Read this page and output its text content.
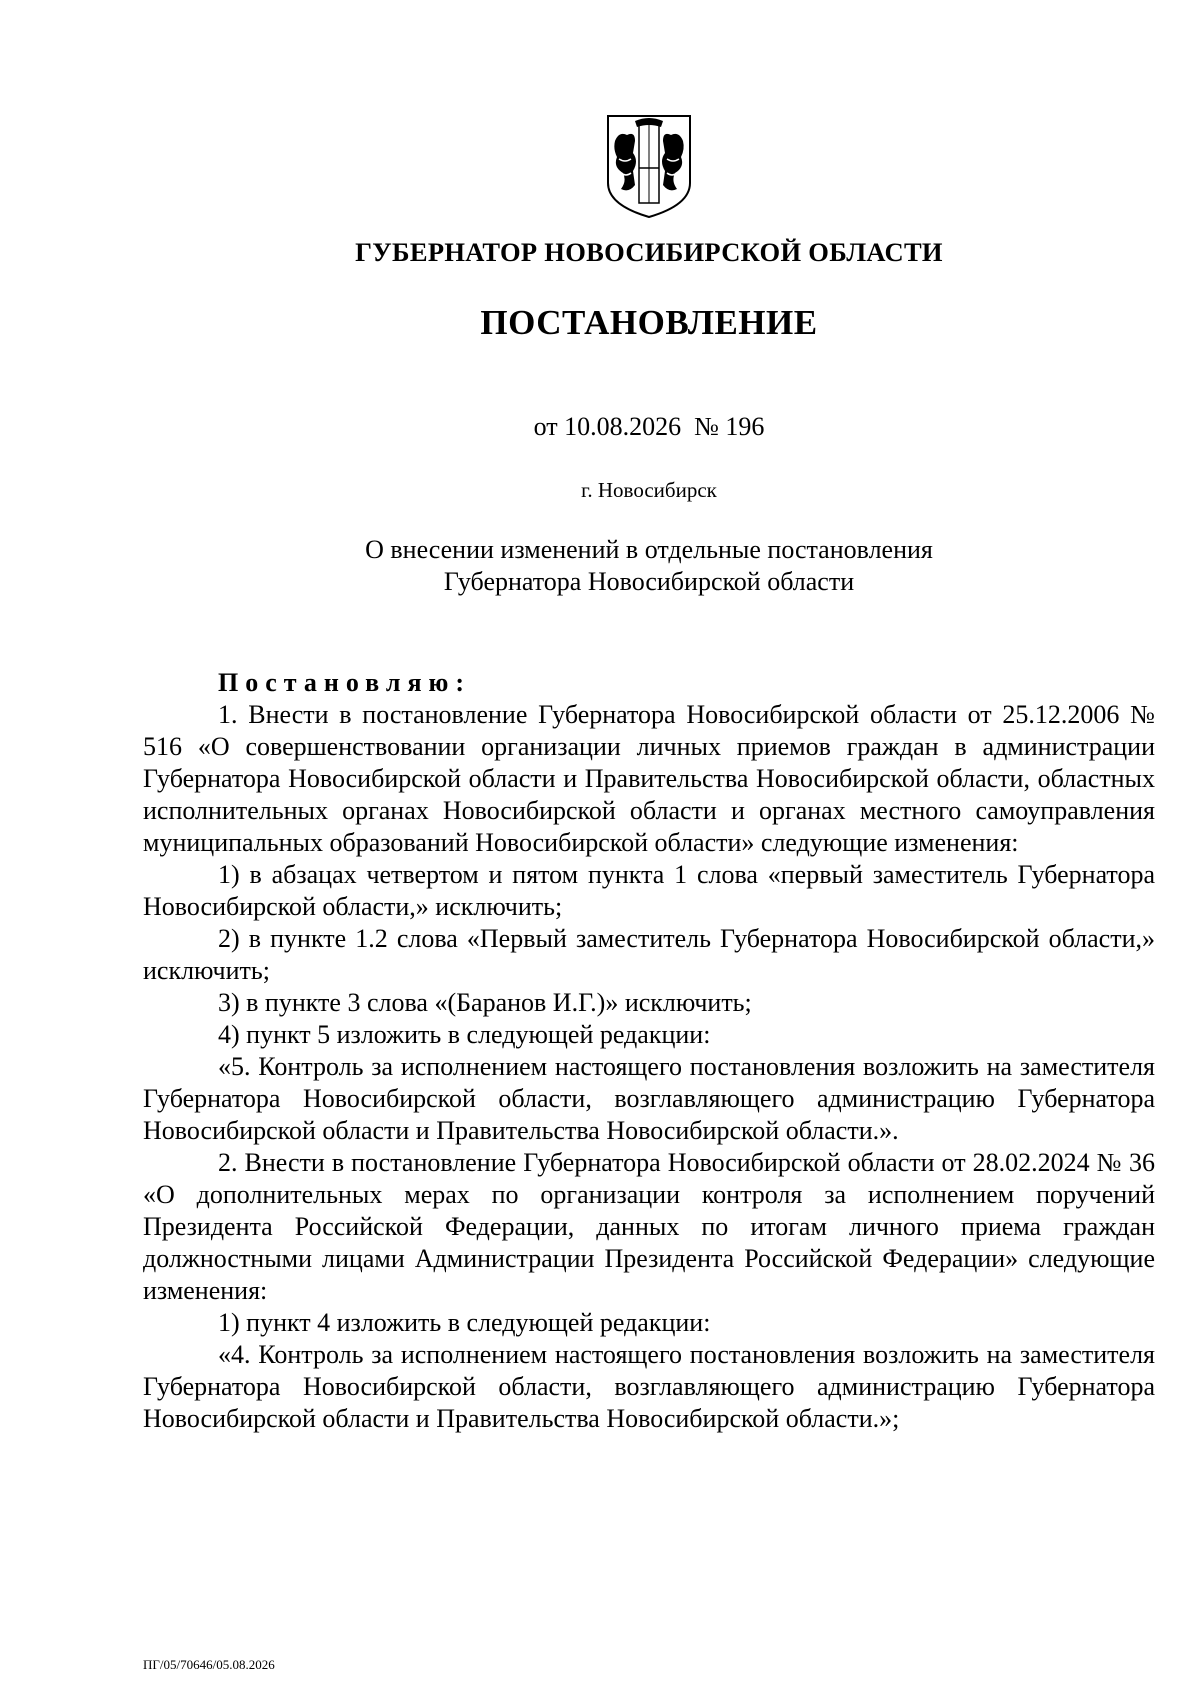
ГУБЕРНАТОР НОВОСИБИРСКОЙ ОБЛАСТИ
ПОСТАНОВЛЕНИЕ
от 10.08.2026  № 196
г. Новосибирск
О внесении изменений в отдельные постановления
Губернатора Новосибирской области

Постановляю:

1. Внести в постановление Губернатора Новосибирской области от 25.12.2006 № 516 «О совершенствовании организации личных приемов граждан в администрации Губернатора Новосибирской области и Правительства Новосибирской области, областных исполнительных органах Новосибирской области и органах местного самоуправления муниципальных образований Новосибирской области» следующие изменения:

1) в абзацах четвертом и пятом пункта 1 слова «первый заместитель Губернатора Новосибирской области,» исключить;

2) в пункте 1.2 слова «Первый заместитель Губернатора Новосибирской области,» исключить;

3) в пункте 3 слова «(Баранов И.Г.)» исключить;

4) пункт 5 изложить в следующей редакции:

«5. Контроль за исполнением настоящего постановления возложить на заместителя Губернатора Новосибирской области, возглавляющего администрацию Губернатора Новосибирской области и Правительства Новосибирской области.».

2. Внести в постановление Губернатора Новосибирской области от 28.02.2024 № 36 «О дополнительных мерах по организации контроля за исполнением поручений Президента Российской Федерации, данных по итогам личного приема граждан должностными лицами Администрации Президента Российской Федерации» следующие изменения:

1) пункт 4 изложить в следующей редакции:

«4. Контроль за исполнением настоящего постановления возложить на заместителя Губернатора Новосибирской области, возглавляющего администрацию Губернатора Новосибирской области и Правительства Новосибирской области.»;

ПГ/05/70646/05.08.2026
